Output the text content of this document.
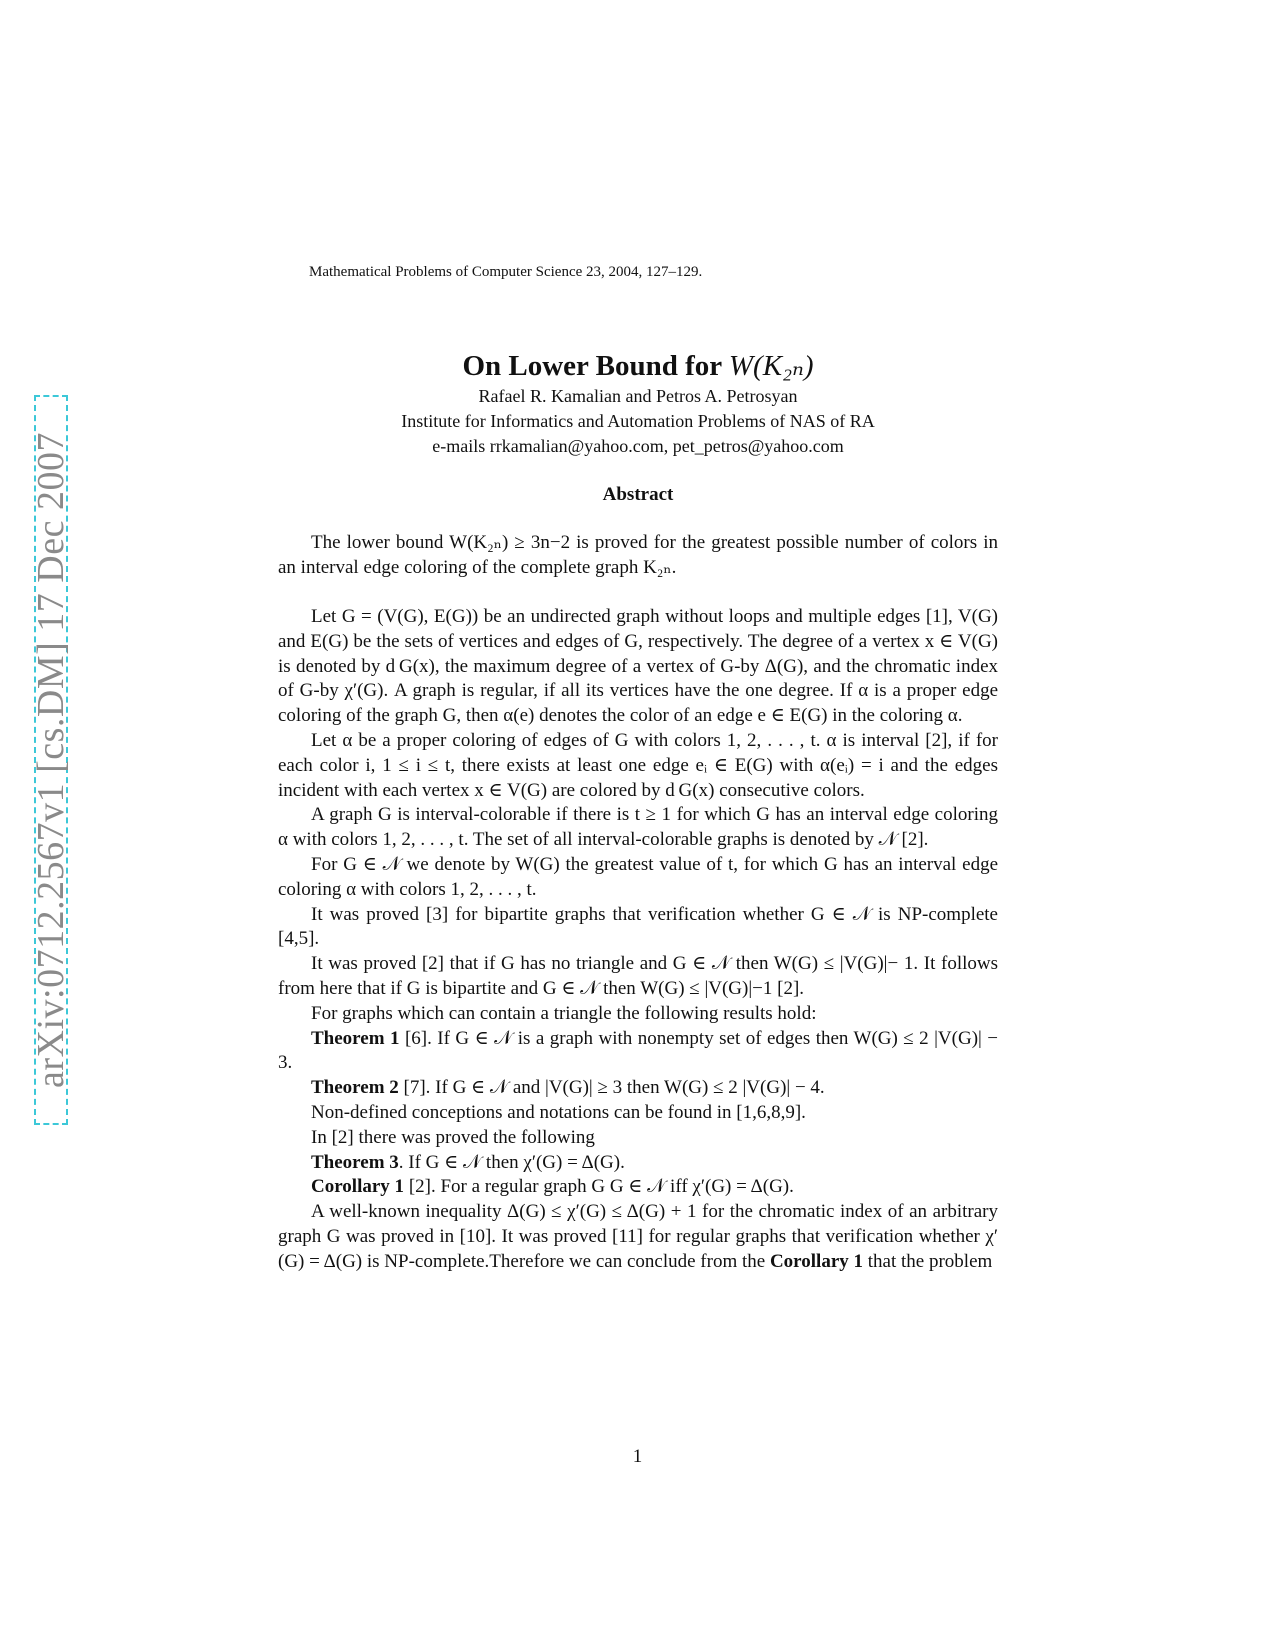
arXiv:0712.2567v1 [cs.DM] 17 Dec 2007
Mathematical Problems of Computer Science 23, 2004, 127–129.

On Lower Bound for W(K₂ₙ)

Rafael R. Kamalian and Petros A. Petrosyan

Institute for Informatics and Automation Problems of NAS of RA

e-mails rrkamalian@yahoo.com, pet_petros@yahoo.com

Abstract

The lower bound W(K₂ₙ) ≥ 3n−2 is proved for the greatest possible number of colors in an interval edge coloring of the complete graph K₂ₙ.

Let G = (V(G), E(G)) be an undirected graph without loops and multiple edges [1], V(G) and E(G) be the sets of vertices and edges of G, respectively. The degree of a vertex x ∈ V(G) is denoted by d G(x), the maximum degree of a vertex of G-by Δ(G), and the chromatic index of G-by χ′(G). A graph is regular, if all its vertices have the one degree. If α is a proper edge coloring of the graph G, then α(e) denotes the color of an edge e ∈ E(G) in the coloring α.

Let α be a proper coloring of edges of G with colors 1, 2, . . . , t. α is interval [2], if for each color i, 1 ≤ i ≤ t, there exists at least one edge eᵢ ∈ E(G) with α(eᵢ) = i and the edges incident with each vertex x ∈ V(G) are colored by d G(x) consecutive colors.

A graph G is interval-colorable if there is t ≥ 1 for which G has an interval edge coloring α with colors 1, 2, . . . , t. The set of all interval-colorable graphs is denoted by 𝒩 [2].

For G ∈ 𝒩 we denote by W(G) the greatest value of t, for which G has an interval edge coloring α with colors 1, 2, . . . , t.

It was proved [3] for bipartite graphs that verification whether G ∈ 𝒩 is NP-complete [4,5].

It was proved [2] that if G has no triangle and G ∈ 𝒩 then W(G) ≤ |V(G)|− 1. It follows from here that if G is bipartite and G ∈ 𝒩 then W(G) ≤ |V(G)|−1 [2].

For graphs which can contain a triangle the following results hold:

Theorem 1 [6]. If G ∈ 𝒩 is a graph with nonempty set of edges then W(G) ≤ 2 |V(G)| − 3.

Theorem 2 [7]. If G ∈ 𝒩 and |V(G)| ≥ 3 then W(G) ≤ 2 |V(G)| − 4.

Non-defined conceptions and notations can be found in [1,6,8,9].

In [2] there was proved the following

Theorem 3. If G ∈ 𝒩 then χ′(G) = Δ(G).

Corollary 1 [2]. For a regular graph G G ∈ 𝒩 iff χ′(G) = Δ(G).

A well-known inequality Δ(G) ≤ χ′(G) ≤ Δ(G) + 1 for the chromatic index of an arbitrary graph G was proved in [10]. It was proved [11] for regular graphs that verification whether χ′(G) = Δ(G) is NP-complete.Therefore we can conclude from the Corollary 1 that the problem

1
